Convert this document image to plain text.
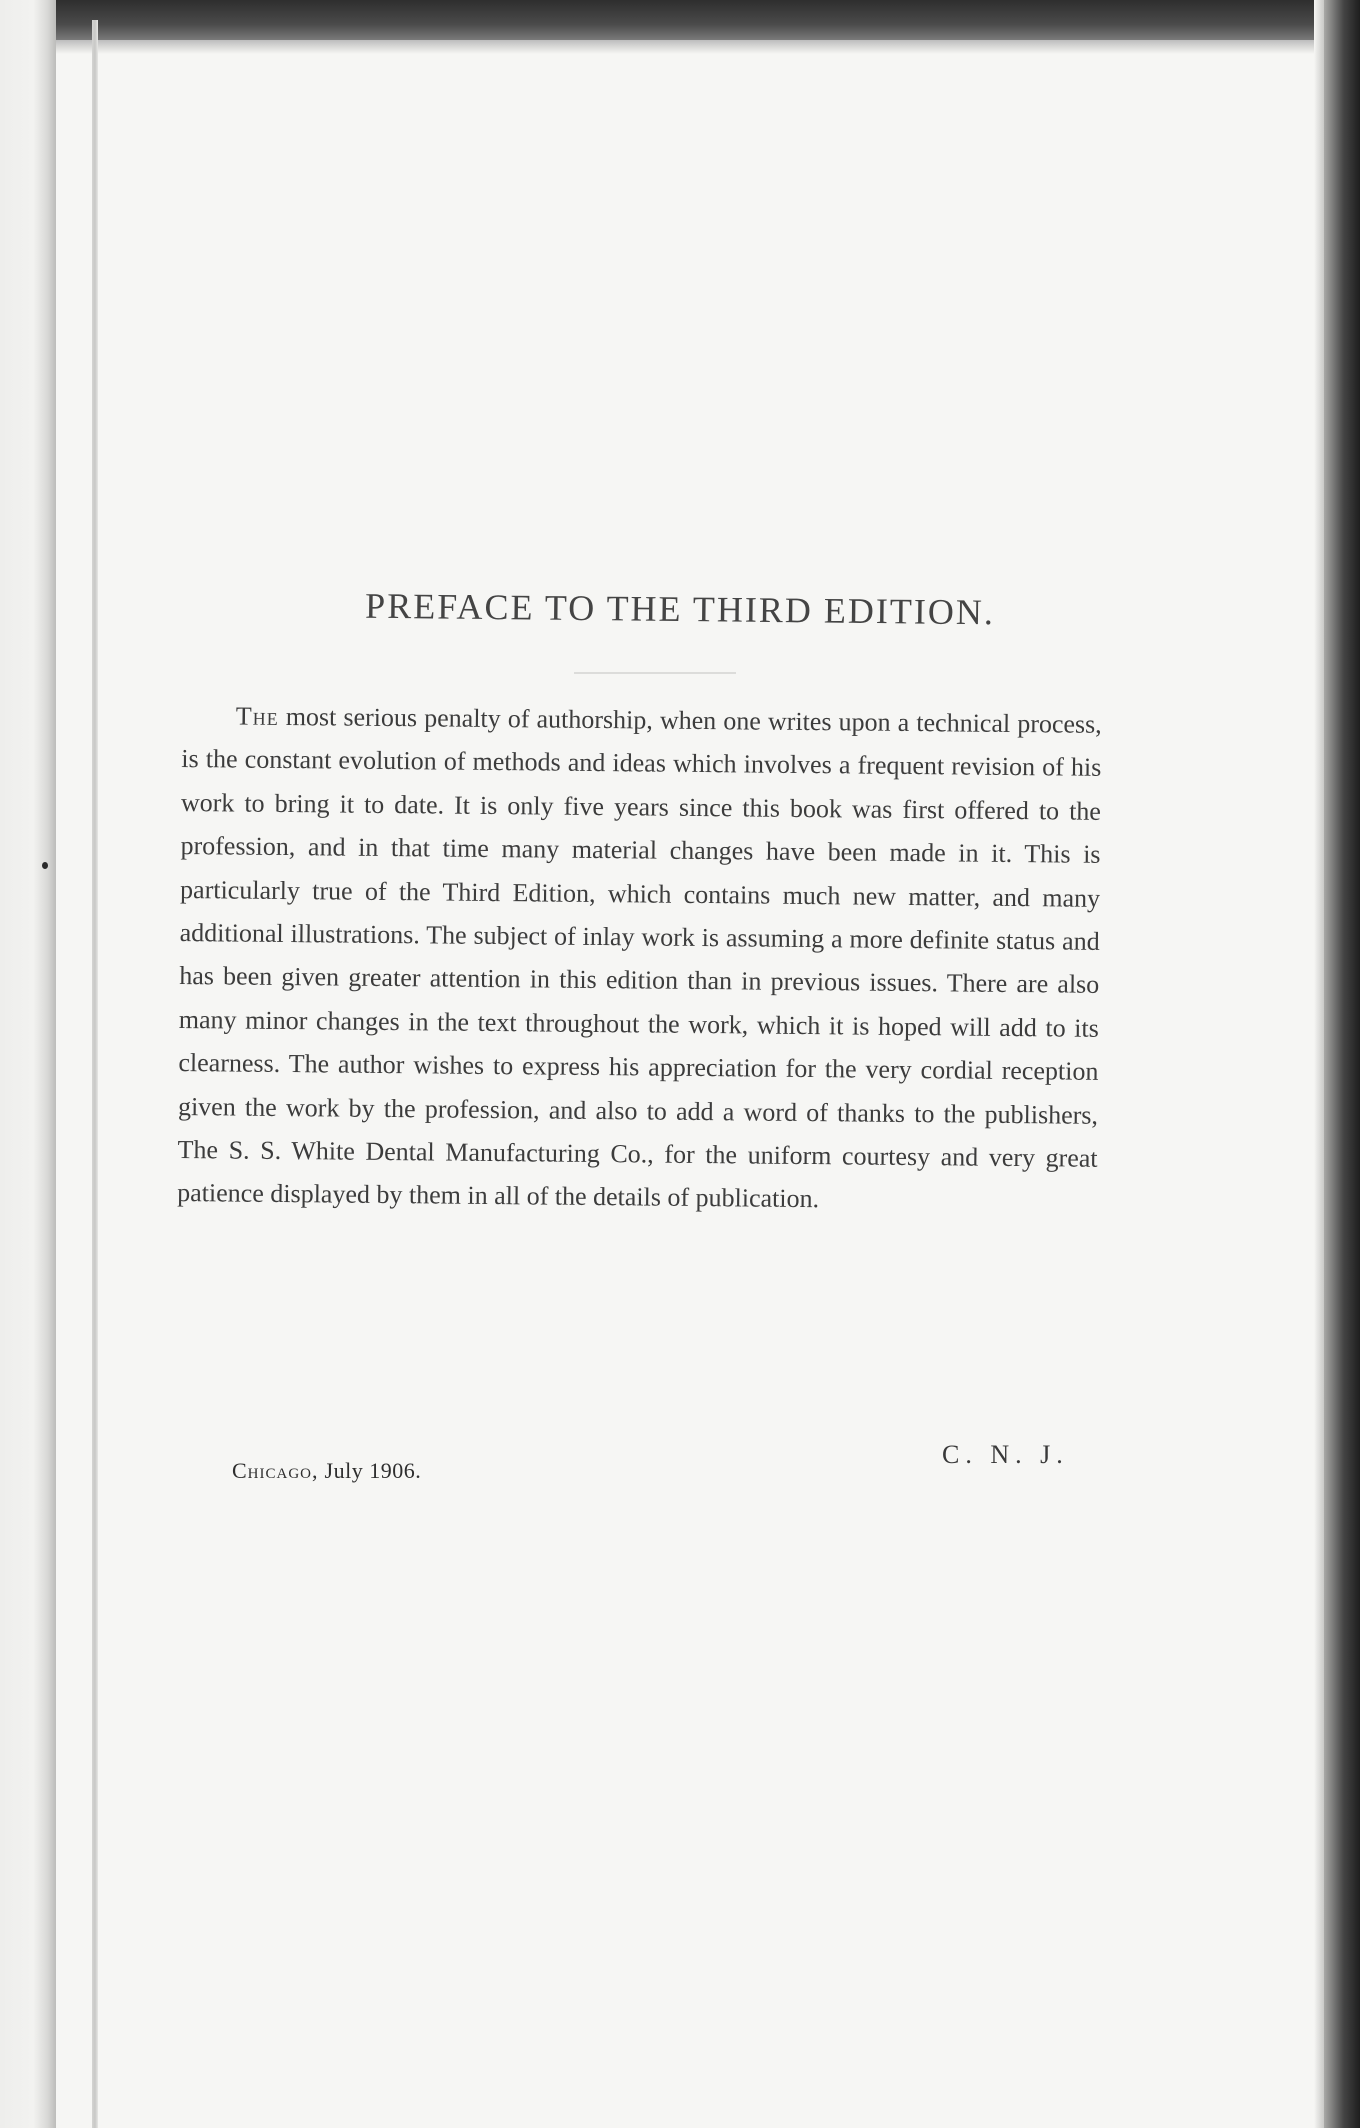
PREFACE TO THE THIRD EDITION.

The most serious penalty of authorship, when one writes upon a technical process, is the constant evolution of methods and ideas which involves a frequent revision of his work to bring it to date. It is only five years since this book was first offered to the profession, and in that time many material changes have been made in it. This is particularly true of the Third Edition, which contains much new matter, and many additional illustrations. The subject of inlay work is assuming a more definite status and has been given greater attention in this edition than in previous issues. There are also many minor changes in the text throughout the work, which it is hoped will add to its clearness. The author wishes to express his appreciation for the very cordial reception given the work by the profession, and also to add a word of thanks to the publishers, The S. S. White Dental Manufacturing Co., for the uniform courtesy and very great patience displayed by them in all of the details of publication.

Chicago, July 1906.
C. N. J.
